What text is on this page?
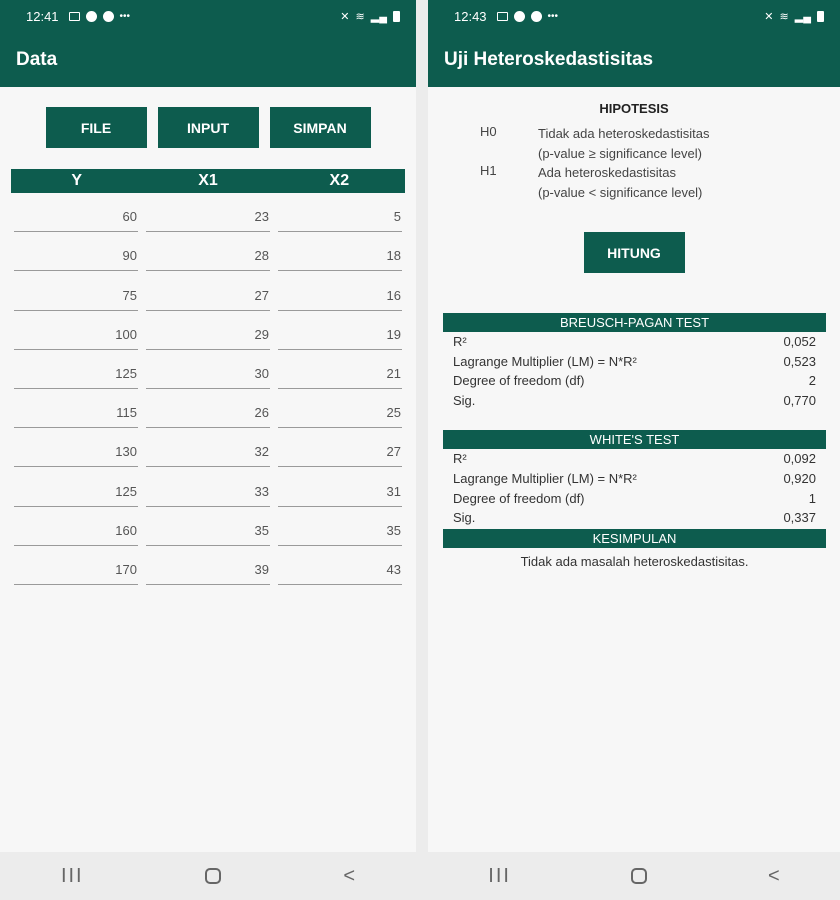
12:41	•••	✕ ≋ ▂▄
Data
FILE	INPUT	SIMPAN
Y	X1	X2
60	23	5
90	28	18
75	27	16
100	29	19
125	30	21
115	26	25
130	32	27
125	33	31
160	35	35
170	39	43
III	<
12:43	•••	✕ ≋ ▂▄
Uji Heteroskedastisitas
HIPOTESIS
H0	Tidak ada heteroskedastisitas
(p-value ≥ significance level)
H1	Ada heteroskedastisitas
(p-value < significance level)
HITUNG
BREUSCH-PAGAN TEST
R²	0,052
Lagrange Multiplier (LM) = N*R²	0,523
Degree of freedom (df)	2
Sig.	0,770
WHITE'S TEST
R²	0,092
Lagrange Multiplier (LM) = N*R²	0,920
Degree of freedom (df)	1
Sig.	0,337
KESIMPULAN
Tidak ada masalah heteroskedastisitas.
III	<
